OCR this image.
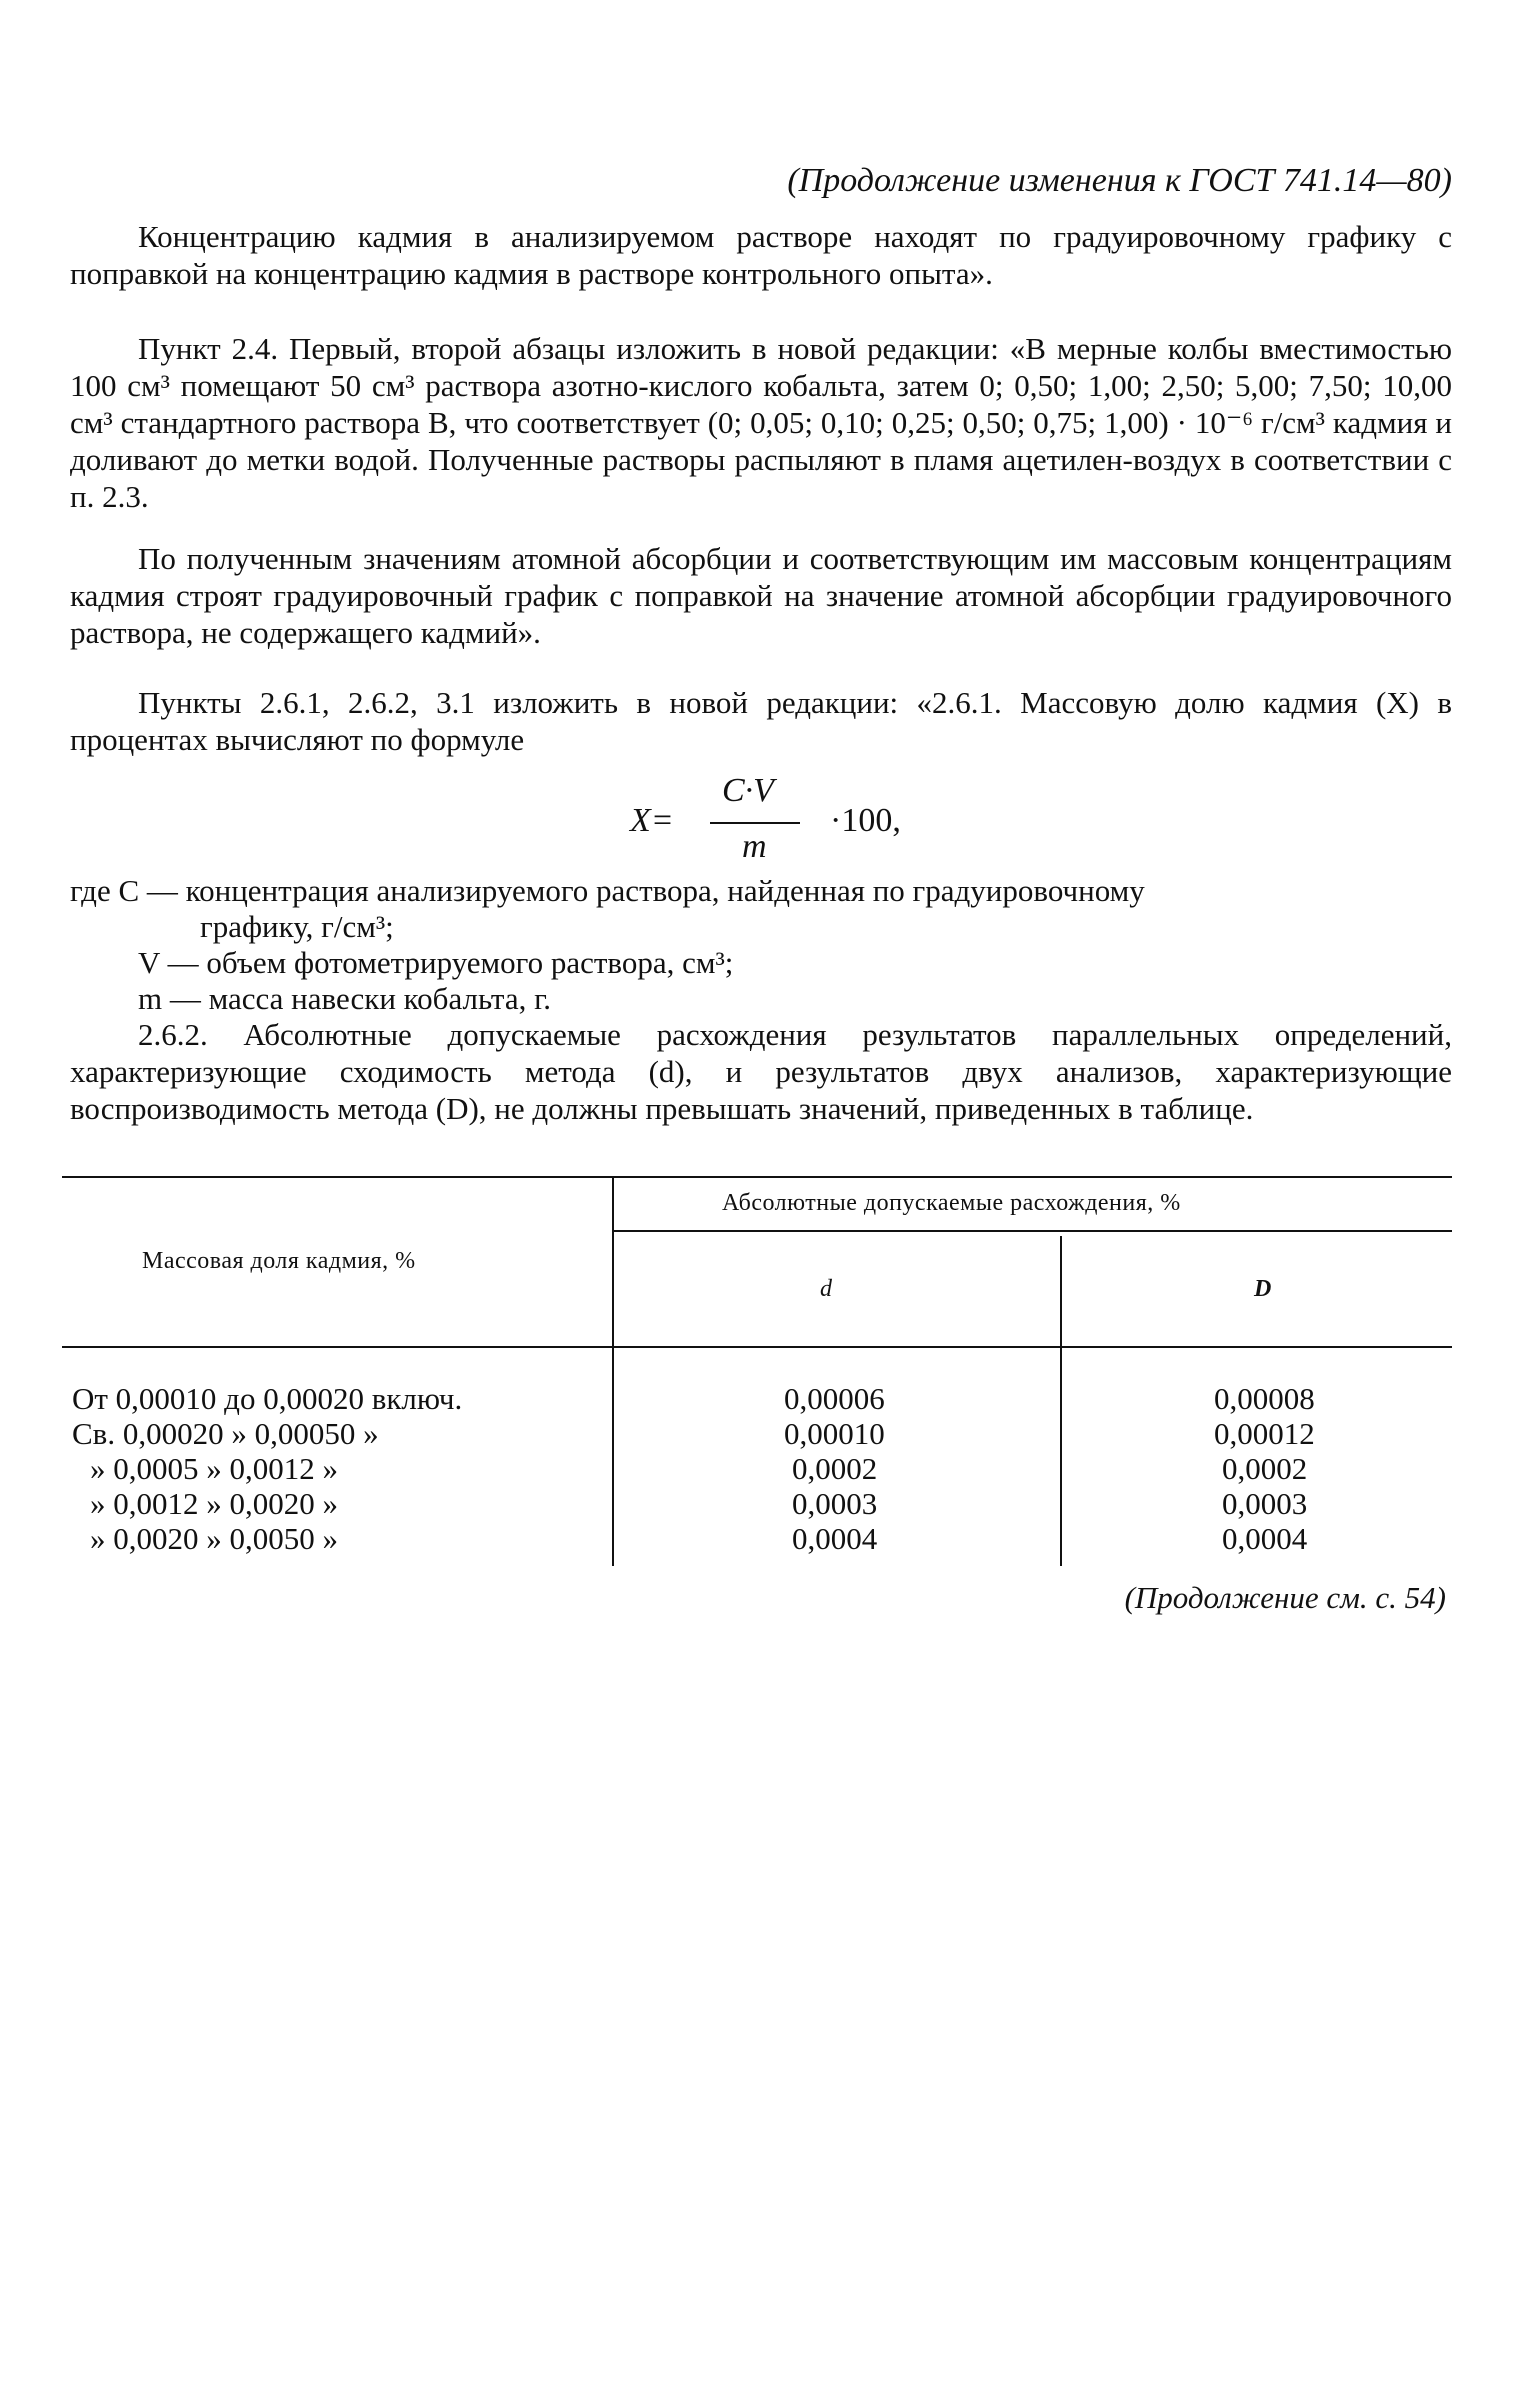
(Продолжение изменения к ГОСТ 741.14—80)

Концентрацию кадмия в анализируемом растворе находят по градуировочному графику с поправкой на концентрацию кадмия в растворе контрольного опыта».

Пункт 2.4. Первый, второй абзацы изложить в новой редакции: «В мерные колбы вместимостью 100 см³ помещают 50 см³ раствора азотно-кислого кобальта, затем 0; 0,50; 1,00; 2,50; 5,00; 7,50; 10,00 см³ стандартного раствора В, что соответствует (0; 0,05; 0,10; 0,25; 0,50; 0,75; 1,00) · 10⁻⁶ г/см³ кадмия и доливают до метки водой. Полученные растворы распыляют в пламя ацетилен-воздух в соответствии с п. 2.3.

По полученным значениям атомной абсорбции и соответствующим им массовым концентрациям кадмия строят градуировочный график с поправкой на значение атомной абсорбции градуировочного раствора, не содержащего кадмий».

Пункты 2.6.1, 2.6.2, 3.1 изложить в новой редакции: «2.6.1. Массовую долю кадмия (X) в процентах вычисляют по формуле

X=
C·V
m
·100,

где C — концентрация анализируемого раствора, найденная по градуировочному

графику, г/см³;

V — объем фотометрируемого раствора, см³;

m — масса навески кобальта, г.

2.6.2. Абсолютные допускаемые расхождения результатов параллельных определений, характеризующие сходимость метода (d), и результатов двух анализов, характеризующие воспроизводимость метода (D), не должны превышать значений, приведенных в таблице.

Массовая доля кадмия, %
Абсолютные допускаемые расхождения, %
d	D
От 0,00010 до 0,00020 включ.	0,00006	0,00008
Св. 0,00020 » 0,00050 »	0,00010	0,00012
» 0,0005 » 0,0012 »	0,0002	0,0002
» 0,0012 » 0,0020 »	0,0003	0,0003
» 0,0020 » 0,0050 »	0,0004	0,0004
(Продолжение см. с. 54)
